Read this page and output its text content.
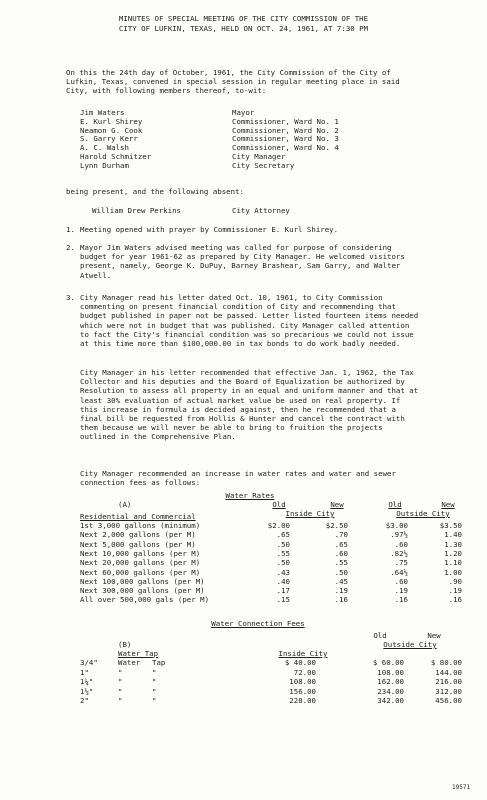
MINUTES OF SPECIAL MEETING OF THE CITY COMMISSION OF THE
CITY OF LUFKIN, TEXAS, HELD ON OCT. 24, 1961, AT 7:30 PM
On this the 24th day of October, 1961, the City Commission of the City of Lufkin, Texas, convened in special session in regular meeting place in said City, with following members thereof, to-wit:
Jim Waters	Mayor
E. Kurl Shirey	Commissioner, Ward No. 1
Neamon G. Cook	Commissioner, Ward No. 2
S. Garry Kerr	Commissioner, Ward No. 3
A. C. Walsh	Commissioner, Ward No. 4
Harold Schmitzer	City Manager
Lynn Durham	City Secretary
being present, and the following absent:
William Drew Perkins	City Attorney
1. Meeting opened with prayer by Commissioner E. Kurl Shirey.
2. Mayor Jim Waters advised meeting was called for purpose of considering budget for year 1961-62 as prepared by City Manager. He welcomed visitors present, namely, George K. DuPuy, Barney Brashear, Sam Garry, and Walter Atwell.
3. City Manager read his letter dated Oct. 10, 1961, to City Commission commenting on present financial condition of City and recommending that budget published in paper not be passed. Letter listed fourteen items needed which were not in budget that was published. City Manager called attention to fact the City's financial condition was so precarious we could not issue at this time more than $100,000.00 in tax bonds to do work badly needed.
City Manager in his letter recommended that effective Jan. 1, 1962, the Tax Collector and his deputies and the Board of Equalization be authorized by Resolution to assess all property in an equal and uniform manner and that at least 30% evaluation of actual market value be used on real property. If this increase in formula is decided against, then he recommended that a final bill be requested from Hollis & Hunter and cancel the contract with them because we will never be able to bring to fruition the projects outlined in the Comprehensive Plan.
City Manager recommended an increase in water rates and water and sewer connection fees as follows:
Water Rates
(A)
Residential and Commercial
Old	New
Inside City
Old	New
Outside City
1st 3,000 gallons (minimum)	$2.00	$2.50	$3.00	$3.50
Next 2,000 gallons (per M)	.65	.70	.97½	1.40
Next 5,000 gallons (per M)	.50	.65	.60	1.30
Next 10,000 gallons (per M)	.55	.60	.82½	1.20
Next 20,000 gallons (per M)	.50	.55	.75	1.10
Next 60,000 gallons (per M)	.43	.50	.64½	1.00
Next 100,000 gallons (per M)	.40	.45	.60	.90
Next 300,000 gallons (per M)	.17	.19	.19	.19
All over 500,000 gals (per M)	.15	.16	.16	.16
Water Connection Fees
(B)
Water Tap	Inside City
Old	New
Outside City
3/4"	Water Tap	$ 40.00	$ 60.00	$ 80.00
1"	"	"	72.00	108.00	144.00
1¼"	"	"	108.00	162.00	216.00
1½"	"	"	156.00	234.00	312.00
2"	"	"	228.00	342.00	456.00
19571
